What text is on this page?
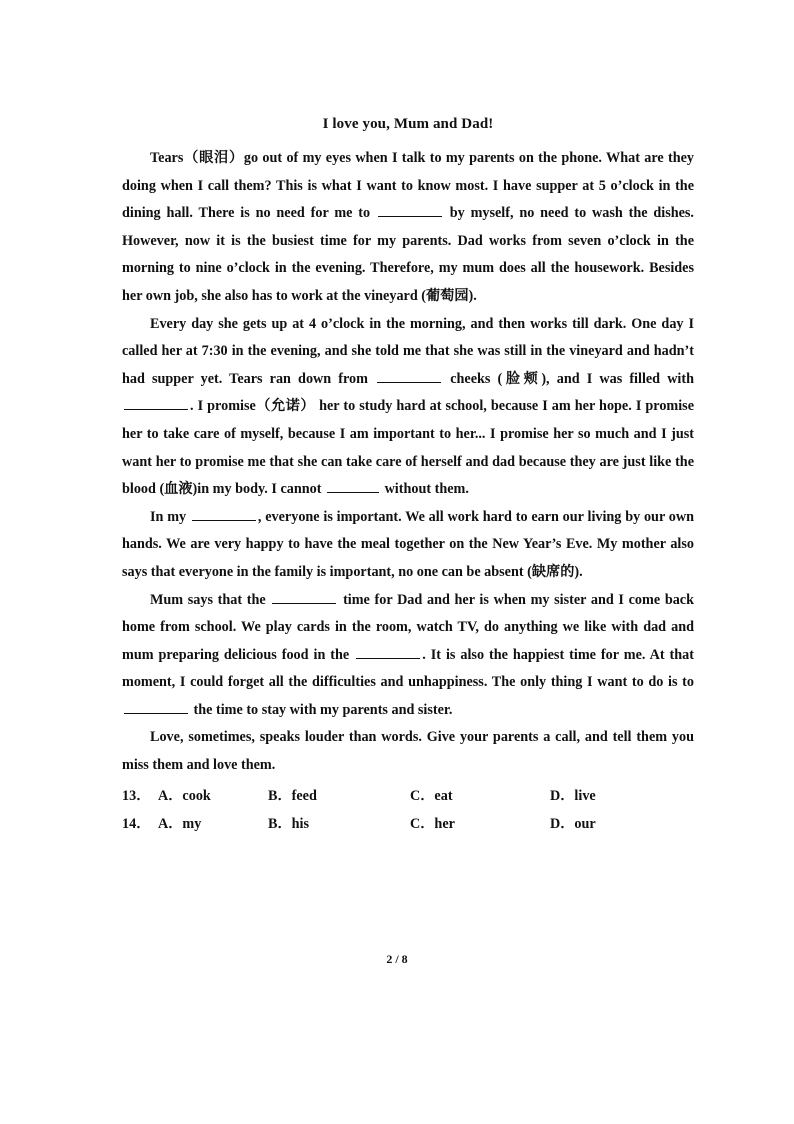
I love you, Mum and Dad!

Tears（眼泪）go out of my eyes when I talk to my parents on the phone. What are they doing when I call them? This is what I want to know most. I have supper at 5 o’clock in the dining hall. There is no need for me to	by myself, no need to wash the dishes. However, now it is the busiest time for my parents. Dad works from seven o’clock in the morning to nine o’clock in the evening. Therefore, my mum does all the housework. Besides her own job, she also has to work at the vineyard (葡萄园).

Every day she gets up at 4 o’clock in the morning, and then works till dark. One day I called her at 7:30 in the evening, and she told me that she was still in the vineyard and hadn’t had supper yet. Tears ran down from	cheeks (脸颊), and I was filled with . I promise（允诺） her to study hard at school, because I am her hope. I promise her to take care of myself, because I am important to her... I promise her so much and I just want her to promise me that she can take care of herself and dad because they are just like the blood (血液)in my body. I cannot	without them.

In my	, everyone is important. We all work hard to earn our living by our own hands. We are very happy to have the meal together on the New Year’s Eve. My mother also says that everyone in the family is important, no one can be absent (缺席的).

Mum says that the	time for Dad and her is when my sister and I come back home from school. We play cards in the room, watch TV, do anything we like with dad and mum preparing delicious food in the	. It is also the happiest time for me. At that moment, I could forget all the difficulties and unhappiness. The only thing I want to do is to  the time to stay with my parents and sister.

Love, sometimes, speaks louder than words. Give your parents a call, and tell them you miss them and love them.

13． A．cook	B．feed	C．eat	D．live
14． A．my	B．his	C．her	D．our
2 / 8
